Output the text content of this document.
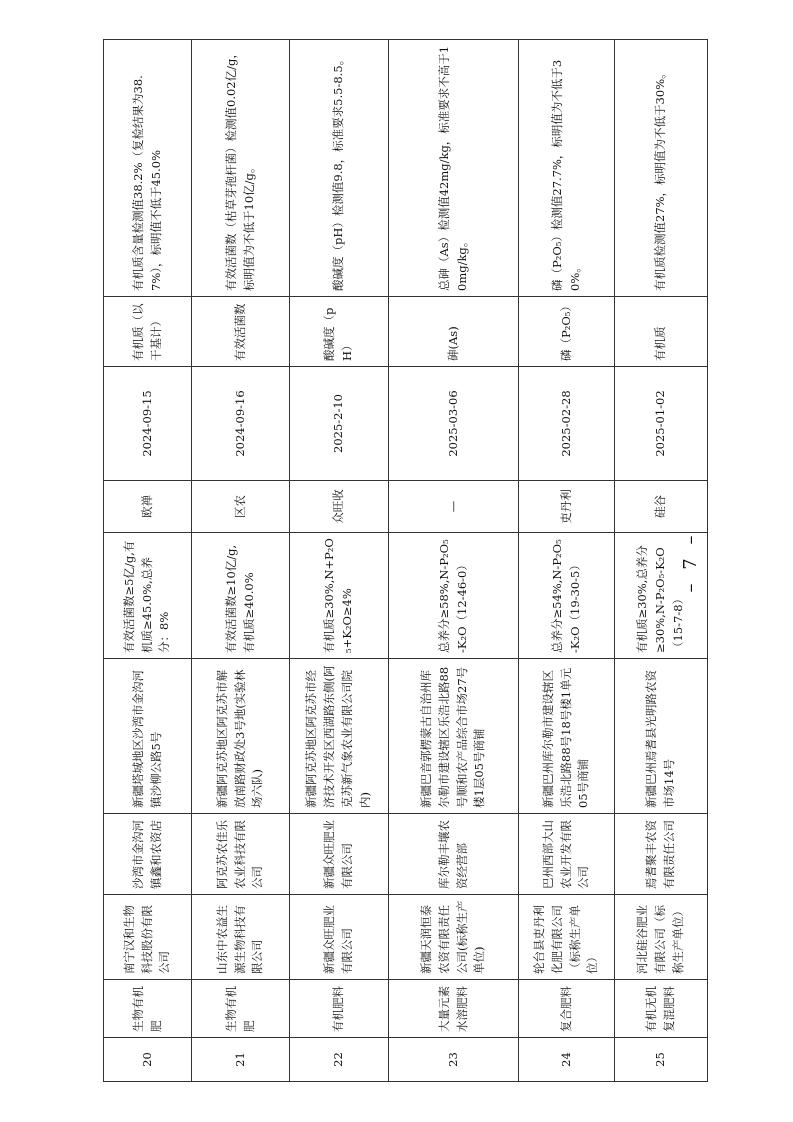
20	生物有机肥	南宁汉和生物科技股份有限公司	沙湾市金沟河镇鑫和农资店	新疆塔城地区沙湾市金沟河镇沙柳公路5号	有效活菌数≥5亿/g,有机质≥45.0%,总养分：8%	欧禅	2024-09-15	有机质（以干基计）	有机质含量检测值38.2%（复检结果为38.7%），标明值不低于45.0%
21	生物有机肥	山东中农益生源生物科技有限公司	阿克苏农佳乐农业科技有限公司	新疆阿克苏地区阿克苏市解放南路财政处3号地(实验林场六队)	有效活菌数≥10亿/g,有机质≥40.0%	区农	2024-09-16	有效活菌数	有效活菌数（枯草芽孢杆菌）检测值0.02亿/g，标明值为不低于10亿/g。
22	有机肥料	新疆众旺肥业有限公司	新疆众旺肥业有限公司	新疆阿克苏地区阿克苏市经济技术开发区西湖路东侧(阿克苏新气象农业有限公司院内)	有机质≥30%,N+P₂O₅+K₂O≥4%	众旺收	2025-2-10	酸碱度（pH）	酸碱度（pH）检测值9.8，标准要求5.5-8.5。
23	大量元素水溶肥料	新疆天润恒泰农资有限责任公司(标称生产单位)	库尔勒丰壤农资经营部	新疆巴音郭楞蒙古自治州库尔勒市建设辖区乐浩北路88号顺和农产品综合市场27号楼1层05号商铺	总养分≥58%,N-P₂O₅-K₂O（12-46-0）	—	2025-03-06	砷(As)	总砷（As）检测值42mg/kg，标准要求不高于10mg/kg。
24	复合肥料	轮台县吏丹利化肥有限公司（标称生产单位）	巴州西部大山农业开发有限公司	新疆巴州库尔勒市建设辖区乐浩北路88号18号楼1单元05号商铺	总养分≥54%,N-P₂O₅-K₂O（19-30-5）	吏丹利	2025-02-28	磷（P₂O₅）	磷（P₂O₅）检测值27.7%，标明值为不低于30%。
25	有机无机复混肥料	河北硅谷肥业有限公司（标称生产单位）	焉耆聚丰农资有限责任公司	新疆巴州焉耆县光明路农资市场14号	有机质≥30%,总养分≥30%,N-P₂O₅-K₂O（15-7-8）	硅谷	2025-01-02	有机质	有机质检测值27%，标明值为不低于30%。
– 7 –
